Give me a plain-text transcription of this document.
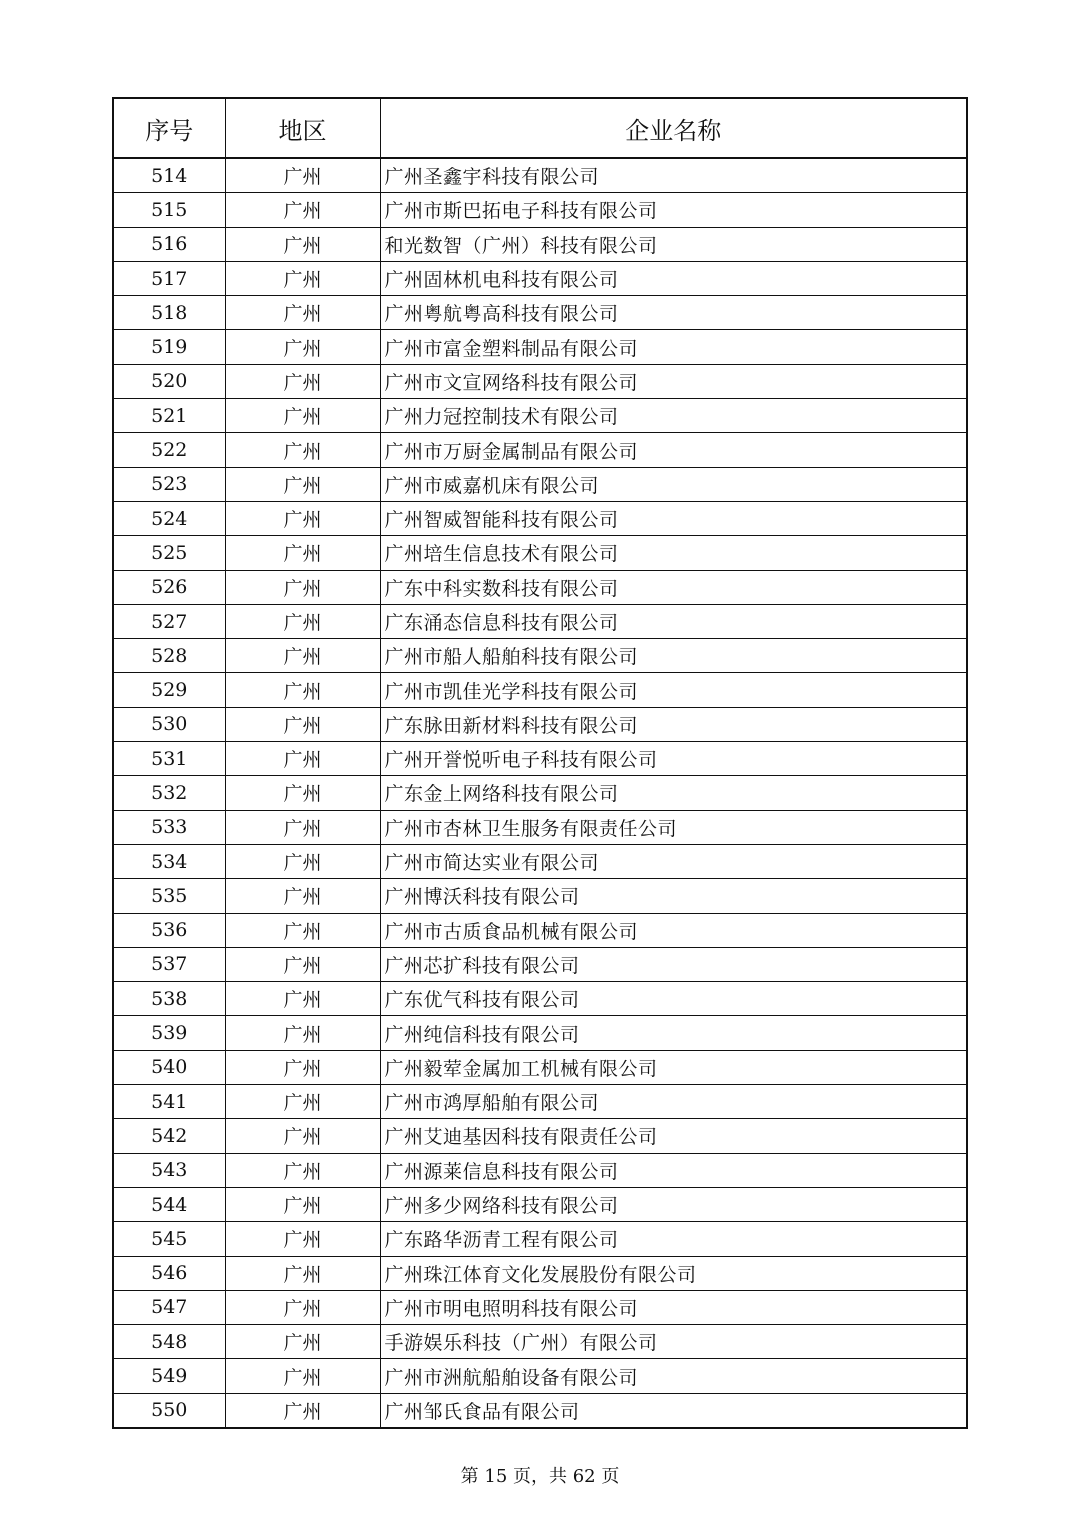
序号	地区	企业名称
514	广州	广州圣鑫宇科技有限公司
515	广州	广州市斯巴拓电子科技有限公司
516	广州	和光数智（广州）科技有限公司
517	广州	广州固林机电科技有限公司
518	广州	广州粤航粤高科技有限公司
519	广州	广州市富金塑料制品有限公司
520	广州	广州市文宣网络科技有限公司
521	广州	广州力冠控制技术有限公司
522	广州	广州市万厨金属制品有限公司
523	广州	广州市威嘉机床有限公司
524	广州	广州智威智能科技有限公司
525	广州	广州培生信息技术有限公司
526	广州	广东中科实数科技有限公司
527	广州	广东涌态信息科技有限公司
528	广州	广州市船人船舶科技有限公司
529	广州	广州市凯佳光学科技有限公司
530	广州	广东脉田新材料科技有限公司
531	广州	广州开誉悦听电子科技有限公司
532	广州	广东金上网络科技有限公司
533	广州	广州市杏林卫生服务有限责任公司
534	广州	广州市简达实业有限公司
535	广州	广州博沃科技有限公司
536	广州	广州市古质食品机械有限公司
537	广州	广州芯扩科技有限公司
538	广州	广东优气科技有限公司
539	广州	广州纯信科技有限公司
540	广州	广州毅荤金属加工机械有限公司
541	广州	广州市鸿厚船舶有限公司
542	广州	广州艾迪基因科技有限责任公司
543	广州	广州源莱信息科技有限公司
544	广州	广州多少网络科技有限公司
545	广州	广东路华沥青工程有限公司
546	广州	广州珠江体育文化发展股份有限公司
547	广州	广州市明电照明科技有限公司
548	广州	手游娱乐科技（广州）有限公司
549	广州	广州市洲航船舶设备有限公司
550	广州	广州邹氏食品有限公司
第 15 页，共 62 页
